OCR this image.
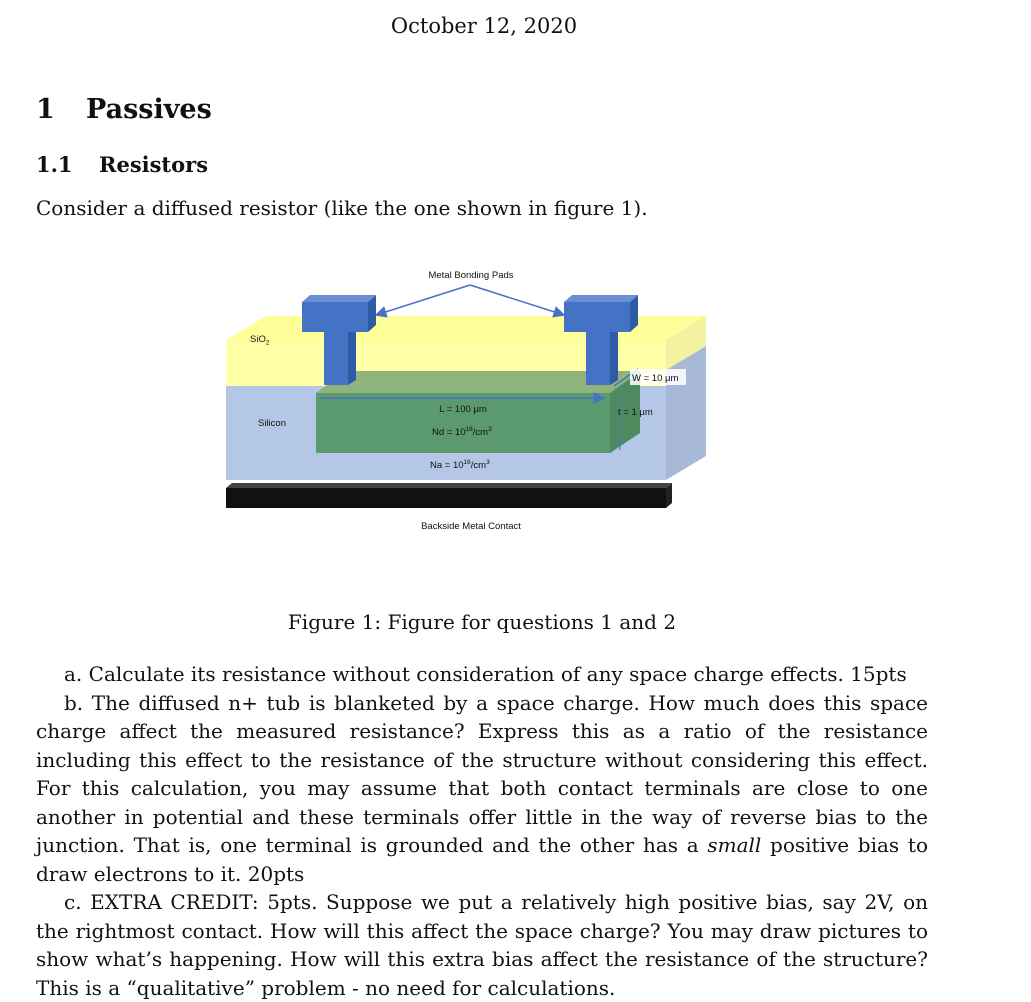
October 12, 2020
1 Passives
1.1 Resistors
Consider a diffused resistor (like the one shown in figure 1).
Metal Bonding Pads
SiO$_2$
Silicon
L = 100 μm
$Nd = 10^{18}/cm^3$
$Na = 10^{16}/cm^3$
W = 10 μm
t = 1 μm
Backside Metal Contact
Figure 1: Figure for questions 1 and 2

a. Calculate its resistance without consideration of any space charge effects. 15pts

b. The diffused n+ tub is blanketed by a space charge. How much does this space charge affect the measured resistance? Express this as a ratio of the resistance including this effect to the resistance of the structure without considering this effect. For this calculation, you may assume that both contact terminals are close to one another in potential and these terminals offer little in the way of reverse bias to the junction. That is, one terminal is grounded and the other has a small positive bias to draw electrons to it. 20pts

c. EXTRA CREDIT: 5pts. Suppose we put a relatively high positive bias, say 2V, on the rightmost contact. How will this affect the space charge? You may draw pictures to show what’s happening. How will this extra bias affect the resistance of the structure? This is a “qualitative” problem - no need for calculations.
